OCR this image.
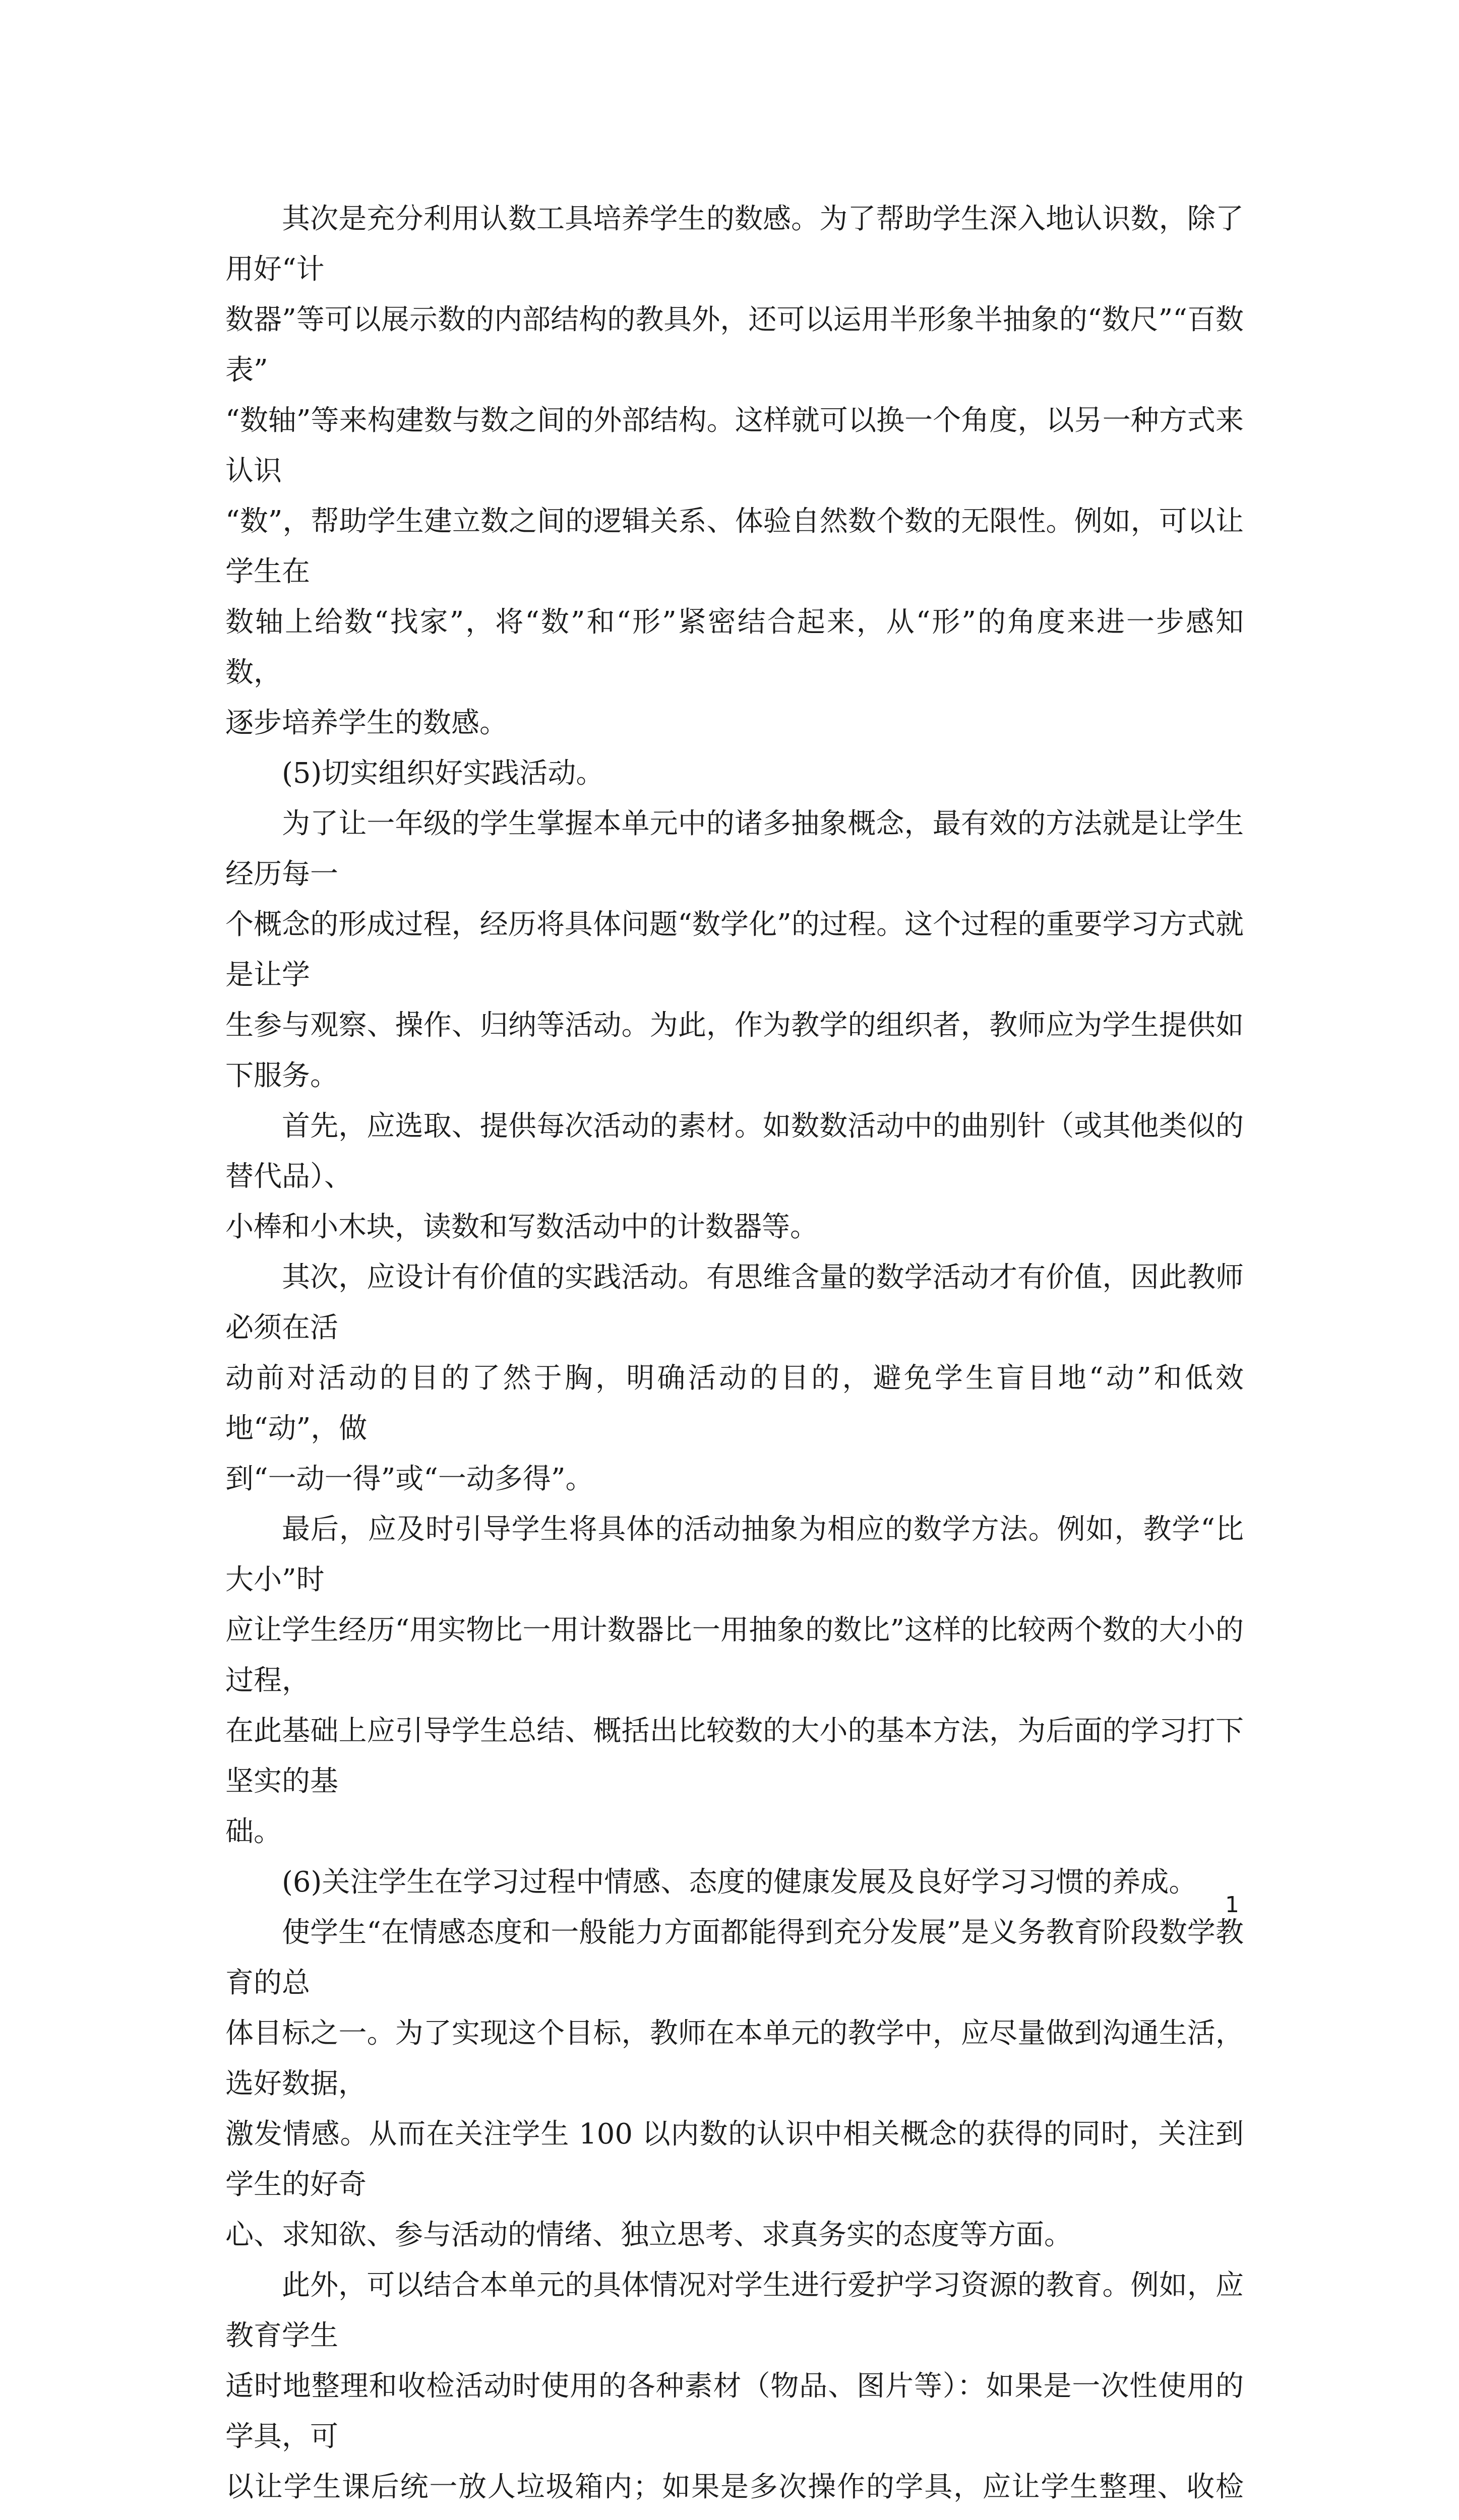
其次是充分利用认数工具培养学生的数感。为了帮助学生深入地认识数，除了用好“计
数器”等可以展示数的内部结构的教具外，还可以运用半形象半抽象的“数尺”“百数表”
“数轴”等来构建数与数之间的外部结构。这样就可以换一个角度，以另一种方式来认识
“数”，帮助学生建立数之间的逻辑关系、体验自然数个数的无限性。例如，可以让学生在
数轴上给数“找家”，将“数”和“形”紧密结合起来，从“形”的角度来进一步感知数，
逐步培养学生的数感。

(5)切实组织好实践活动。

为了让一年级的学生掌握本单元中的诸多抽象概念，最有效的方法就是让学生经历每一
个概念的形成过程，经历将具体问题“数学化”的过程。这个过程的重要学习方式就是让学
生参与观察、操作、归纳等活动。为此，作为教学的组织者，教师应为学生提供如下服务。

首先，应选取、提供每次活动的素材。如数数活动中的曲别针（或其他类似的替代品）、
小棒和小木块，读数和写数活动中的计数器等。

其次，应设计有价值的实践活动。有思维含量的数学活动才有价值，因此教师必须在活
动前对活动的目的了然于胸，明确活动的目的，避免学生盲目地“动”和低效地“动”，做
到“一动一得”或“一动多得”。

最后，应及时引导学生将具体的活动抽象为相应的数学方法。例如，教学“比大小”时
应让学生经历“用实物比一用计数器比一用抽象的数比”这样的比较两个数的大小的过程，
在此基础上应引导学生总结、概括出比较数的大小的基本方法，为后面的学习打下坚实的基
础。

(6)关注学生在学习过程中情感、态度的健康发展及良好学习习惯的养成。

使学生“在情感态度和一般能力方面都能得到充分发展”是义务教育阶段数学教育的总
体目标之一。为了实现这个目标，教师在本单元的教学中，应尽量做到沟通生活，选好数据，
激发情感。从而在关注学生 100 以内数的认识中相关概念的获得的同时，关注到学生的好奇
心、求知欲、参与活动的情绪、独立思考、求真务实的态度等方面。

此外，可以结合本单元的具体情况对学生进行爱护学习资源的教育。例如，应教育学生
适时地整理和收检活动时使用的各种素材（物品、图片等）：如果是一次性使用的学具，可
以让学生课后统一放人垃圾箱内；如果是多次操作的学具，应让学生整理、收检

1
